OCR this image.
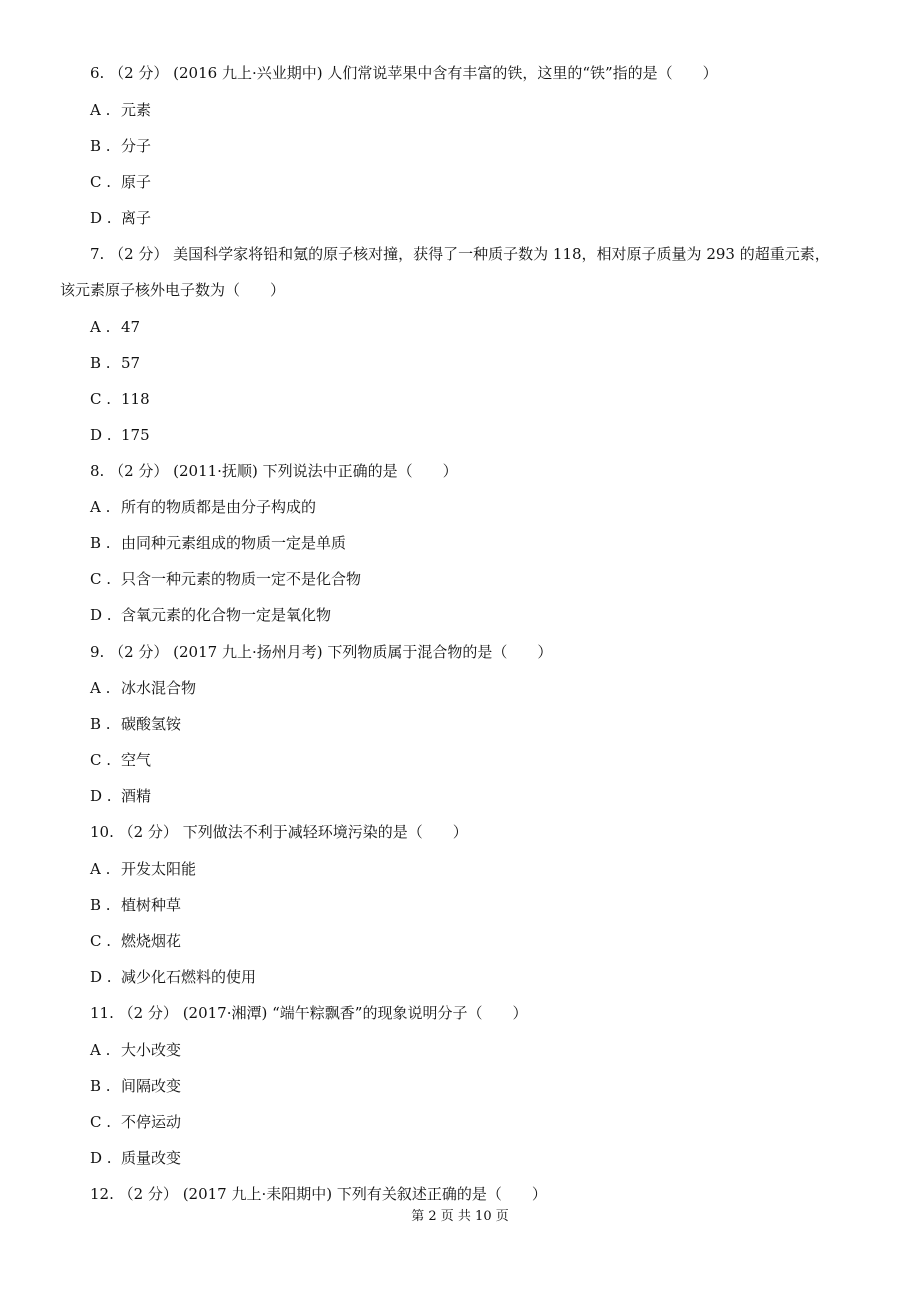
6. （2 分） (2016 九上·兴业期中) 人们常说苹果中含有丰富的铁，这里的“铁”指的是（　　）
A . 元素
B . 分子
C . 原子
D . 离子
7. （2 分） 美国科学家将铅和氪的原子核对撞，获得了一种质子数为 118，相对原子质量为 293 的超重元素，
该元素原子核外电子数为（　　）
A . 47
B . 57
C . 118
D . 175
8. （2 分） (2011·抚顺) 下列说法中正确的是（　　）
A . 所有的物质都是由分子构成的
B . 由同种元素组成的物质一定是单质
C . 只含一种元素的物质一定不是化合物
D . 含氧元素的化合物一定是氧化物
9. （2 分） (2017 九上·扬州月考) 下列物质属于混合物的是（　　）
A . 冰水混合物
B . 碳酸氢铵
C . 空气
D . 酒精
10. （2 分） 下列做法不利于减轻环境污染的是（　　）
A . 开发太阳能
B . 植树种草
C . 燃烧烟花
D . 减少化石燃料的使用
11. （2 分） (2017·湘潭) “端午粽飘香”的现象说明分子（　　）
A . 大小改变
B . 间隔改变
C . 不停运动
D . 质量改变
12. （2 分） (2017 九上·耒阳期中) 下列有关叙述正确的是（　　）
第 2 页 共 10 页
